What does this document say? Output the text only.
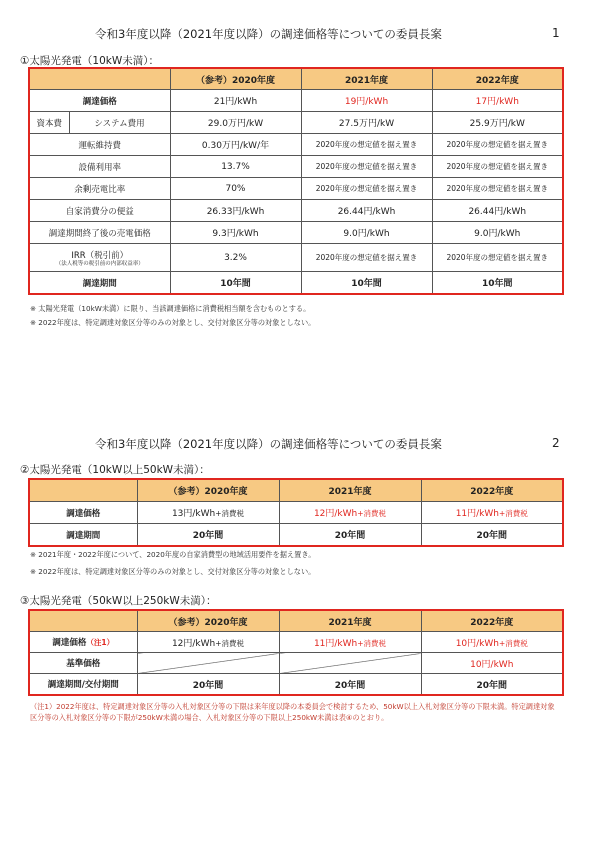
令和3年度以降（2021年度以降）の調達価格等についての委員長案	1
①太陽光発電（10kW未満）：
		（参考）2020年度	2021年度	2022年度
調達価格		21円/kWh	19円/kWh	17円/kWh
資本費	システム費用	29.0万円/kW	27.5万円/kW	25.9万円/kW
運転維持費		0.30万円/kW/年	2020年度の想定値を据え置き	2020年度の想定値を据え置き
設備利用率		13.7%	2020年度の想定値を据え置き	2020年度の想定値を据え置き
余剰売電比率		70%	2020年度の想定値を据え置き	2020年度の想定値を据え置き
自家消費分の便益		26.33円/kWh	26.44円/kWh	26.44円/kWh
調達期間終了後の売電価格		9.3円/kWh	9.0円/kWh	9.0円/kWh
IRR（税引前）
（法人税等の税引前の内部収益率）		3.2%	2020年度の想定値を据え置き	2020年度の想定値を据え置き
調達期間		10年間	10年間	10年間
※ 太陽光発電（10kW未満）に限り、当該調達価格に消費税相当額を含むものとする。
※ 2022年度は、特定調達対象区分等のみの対象とし、交付対象区分等の対象としない。
令和3年度以降（2021年度以降）の調達価格等についての委員長案	2
②太陽光発電（10kW以上50kW未満）：
	（参考）2020年度	2021年度	2022年度
調達価格	13円/kWh+消費税	12円/kWh+消費税	11円/kWh+消費税
調達期間	20年間	20年間	20年間
※ 2021年度・2022年度について、2020年度の自家消費型の地域活用要件を据え置き。
※ 2022年度は、特定調達対象区分等のみの対象とし、交付対象区分等の対象としない。
③太陽光発電（50kW以上250kW未満）：
	（参考）2020年度	2021年度	2022年度
調達価格（注1）	12円/kWh+消費税	11円/kWh+消費税	10円/kWh+消費税
基準価格			10円/kWh
調達期間/交付期間	20年間	20年間	20年間
（注1）2022年度は、特定調達対象区分等の入札対象区分等の下限は来年度以降の本委員会で検討するため、50kW以上入札対象区分等の下限未満。特定調達対象区分等の入札対象区分等の下限が250kW未満の場合、入札対象区分等の下限以上250kW未満は表④のとおり。
